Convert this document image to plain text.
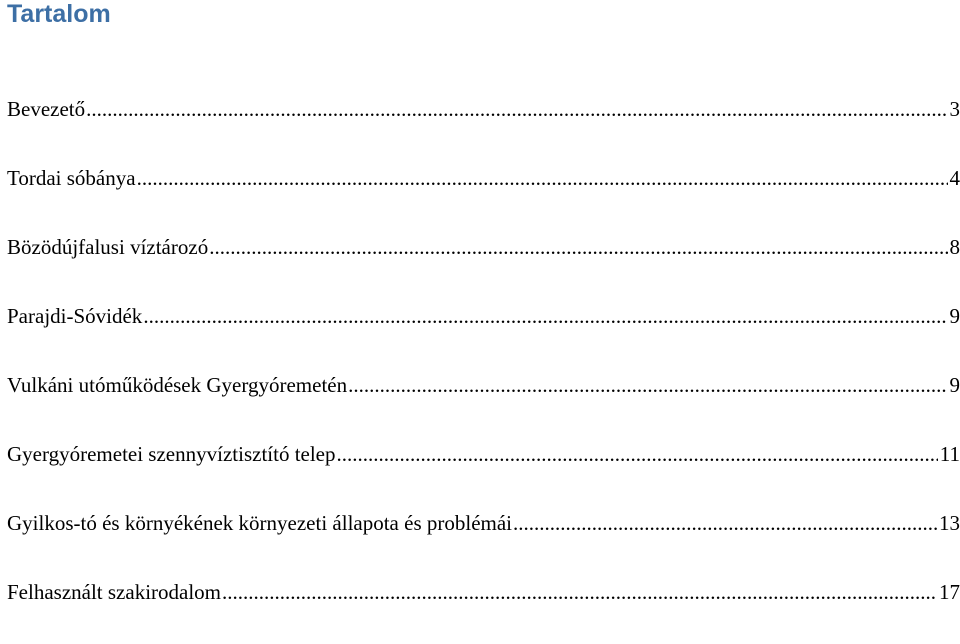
Tartalom
Bevezető .....	3
Tordai sóbánya .....	4
Bözödújfalusi víztározó .....	8
Parajdi-Sóvidék .....	9
Vulkáni utóműködések Gyergyóremetén .....	9
Gyergyóremetei szennyvíztisztító telep .....	11
Gyilkos-tó és környékének környezeti állapota és problémái .....	13
Felhasznált szakirodalom .....	17
